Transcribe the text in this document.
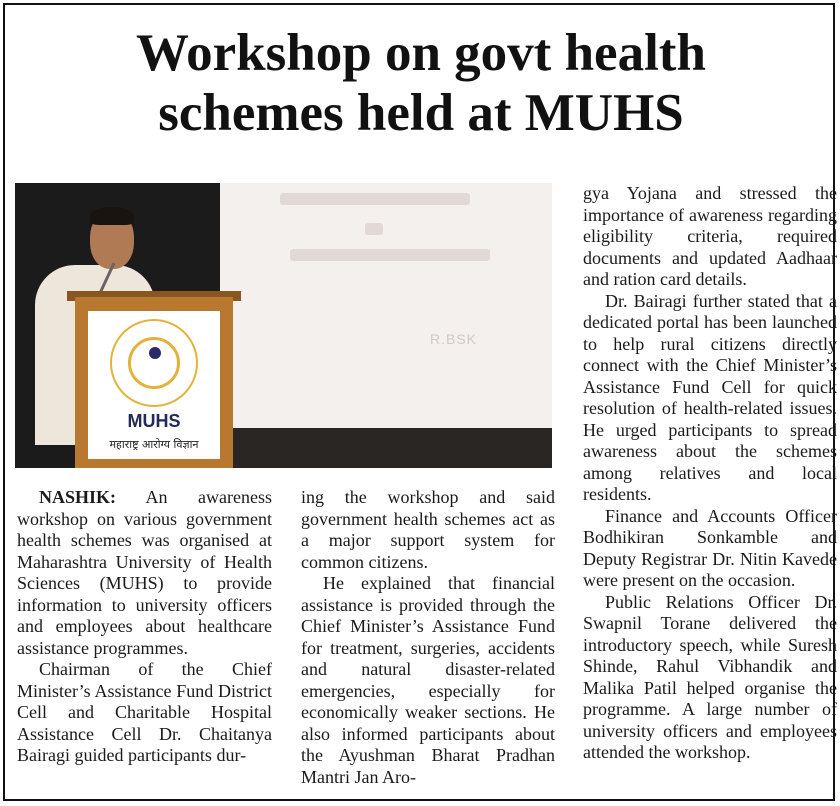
Workshop on govt health
schemes held at MUHS
R.BSK
MUHS
महाराष्ट्र आरोग्य विज्ञान

NASHIK: An awareness workshop on various government health schemes was organised at Maharashtra University of Health Sciences (MUHS) to provide information to university officers and employees about healthcare assistance programmes.

Chairman of the Chief Minister’s Assistance Fund District Cell and Charitable Hospital Assistance Cell Dr. Chaitanya Bairagi guided participants dur-

ing the workshop and said government health schemes act as a major support system for common citizens.

He explained that financial assistance is provided through the Chief Minister’s Assistance Fund for treatment, surgeries, accidents and natural disaster-related emergencies, especially for economically weaker sections. He also informed participants about the Ayushman Bharat Pradhan Mantri Jan Aro-

gya Yojana and stressed the importance of awareness regarding eligibility criteria, required documents and updated Aadhaar and ration card details.

Dr. Bairagi further stated that a dedicated portal has been launched to help rural citizens directly connect with the Chief Minister’s Assistance Fund Cell for quick resolution of health-related issues. He urged participants to spread awareness about the schemes among relatives and local residents.

Finance and Accounts Officer Bodhikiran Sonkamble and Deputy Registrar Dr. Nitin Kavede were present on the occasion.

Public Relations Officer Dr. Swapnil Torane delivered the introductory speech, while Suresh Shinde, Rahul Vibhandik and Malika Patil helped organise the programme. A large number of university officers and employees attended the workshop.
